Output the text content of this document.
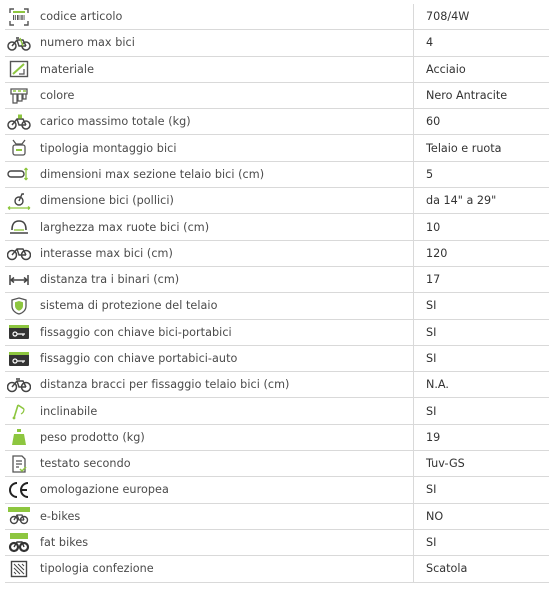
codice articolo	708/4W
numero max bici	4
materiale	Acciaio
colore	Nero Antracite
carico massimo totale (kg)	60
tipologia montaggio bici	Telaio e ruota
dimensioni max sezione telaio bici (cm)	5
dimensione bici (pollici)	da 14" a 29"
larghezza max ruote bici (cm)	10
interasse max bici (cm)	120
distanza tra i binari (cm)	17
sistema di protezione del telaio	SI
fissaggio con chiave bici-portabici	SI
fissaggio con chiave portabici-auto	SI
distanza bracci per fissaggio telaio bici (cm)	N.A.
inclinabile	SI
peso prodotto (kg)	19
testato secondo	Tuv-GS
omologazione europea	SI
e-bikes	NO
fat bikes	SI
tipologia confezione	Scatola
